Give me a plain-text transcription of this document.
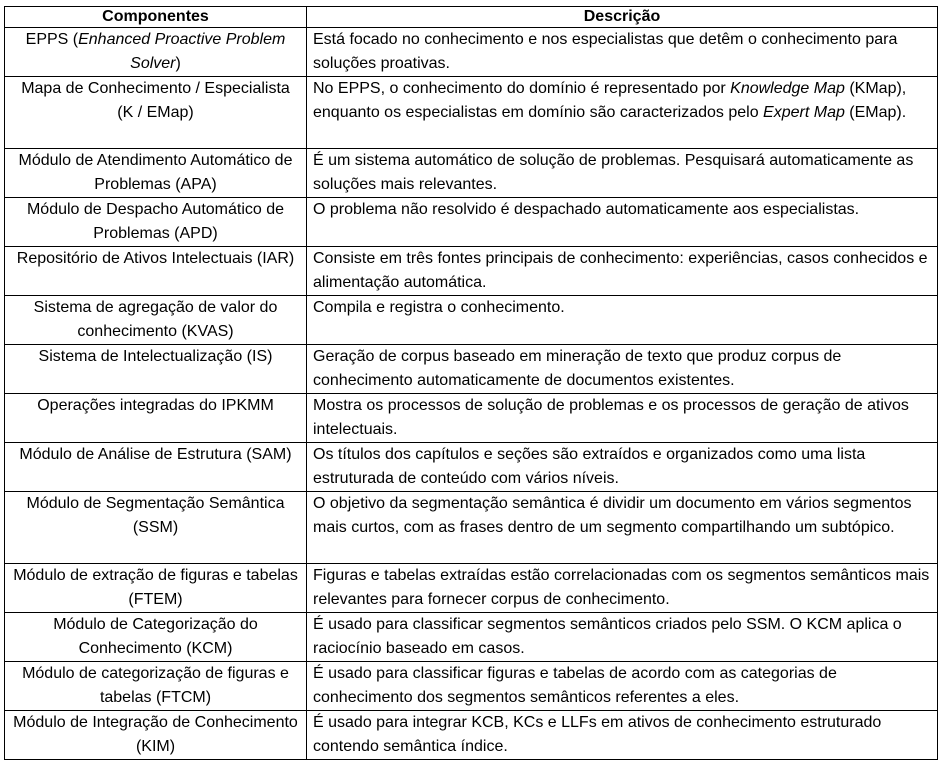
Componentes	Descrição
EPPS (Enhanced Proactive Problem Solver)	Está focado no conhecimento e nos especialistas que detêm o conhecimento para soluções proativas.
Mapa de Conhecimento / Especialista (K / EMap)	No EPPS, o conhecimento do domínio é representado por Knowledge Map (KMap), enquanto os especialistas em domínio são caracterizados pelo Expert Map (EMap).
Módulo de Atendimento Automático de Problemas (APA)	É um sistema automático de solução de problemas. Pesquisará automaticamente as soluções mais relevantes.
Módulo de Despacho Automático de Problemas (APD)	O problema não resolvido é despachado automaticamente aos especialistas.
Repositório de Ativos Intelectuais (IAR)	Consiste em três fontes principais de conhecimento: experiências, casos conhecidos e alimentação automática.
Sistema de agregação de valor do conhecimento (KVAS)	Compila e registra o conhecimento.
Sistema de Intelectualização (IS)	Geração de corpus baseado em mineração de texto que produz corpus de conhecimento automaticamente de documentos existentes.
Operações integradas do IPKMM	Mostra os processos de solução de problemas e os processos de geração de ativos intelectuais.
Módulo de Análise de Estrutura (SAM)	Os títulos dos capítulos e seções são extraídos e organizados como uma lista estruturada de conteúdo com vários níveis.
Módulo de Segmentação Semântica (SSM)	O objetivo da segmentação semântica é dividir um documento em vários segmentos mais curtos, com as frases dentro de um segmento compartilhando um subtópico.
Módulo de extração de figuras e tabelas (FTEM)	Figuras e tabelas extraídas estão correlacionadas com os segmentos semânticos mais relevantes para fornecer corpus de conhecimento.
Módulo de Categorização do Conhecimento (KCM)	É usado para classificar segmentos semânticos criados pelo SSM. O KCM aplica o raciocínio baseado em casos.
Módulo de categorização de figuras e tabelas (FTCM)	É usado para classificar figuras e tabelas de acordo com as categorias de conhecimento dos segmentos semânticos referentes a eles.
Módulo de Integração de Conhecimento (KIM)	É usado para integrar KCB, KCs e LLFs em ativos de conhecimento estruturado contendo semântica índice.
